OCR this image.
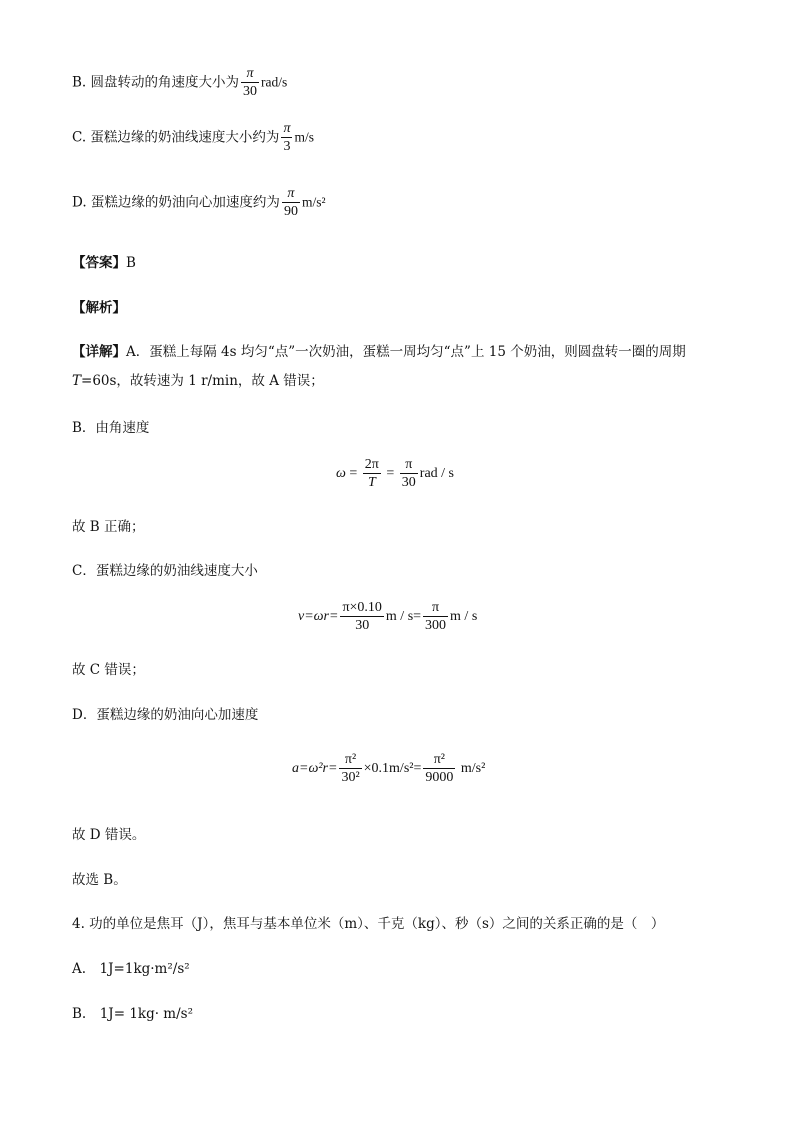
B. 圆盘转动的角速度大小为 $\frac{\pi}{30} rad/s$
C. 蛋糕边缘的奶油线速度大小约为 $\frac{\pi}{3} m/s$
D. 蛋糕边缘的奶油向心加速度约为 $\frac{\pi}{90} m/s^2$
【答案】B
【解析】
【详解】A．蛋糕上每隔 4s 均匀“点”一次奶油，蛋糕一周均匀“点”上 15 个奶油，则圆盘转一圈的周期
T=60s，故转速为 1 r/min，故 A 错误；
B．由角速度
$\omega = \frac{2\pi}{T} = \frac{\pi}{30}$ rad / s
故 B 正确；
C．蛋糕边缘的奶油线速度大小
$v=\omega r= \frac{\pi\times 0.10}{30}$ $m / s= \frac{\pi}{300}$ m / s
故 C 错误；
D．蛋糕边缘的奶油向心加速度
$a=\omega^2r= \frac{\text{π²}}{\text{30²}} \times 0.1m/s^2= \frac{\text{π²}}{9000} m/s^2$
故 D 错误。
故选 B。
4. 功的单位是焦耳（J），焦耳与基本单位米（m）、千克（kg）、秒（s）之间的关系正确的是（　）
A.　1J=1kg·m²/s²
B.　1J= 1kg· m/s²
